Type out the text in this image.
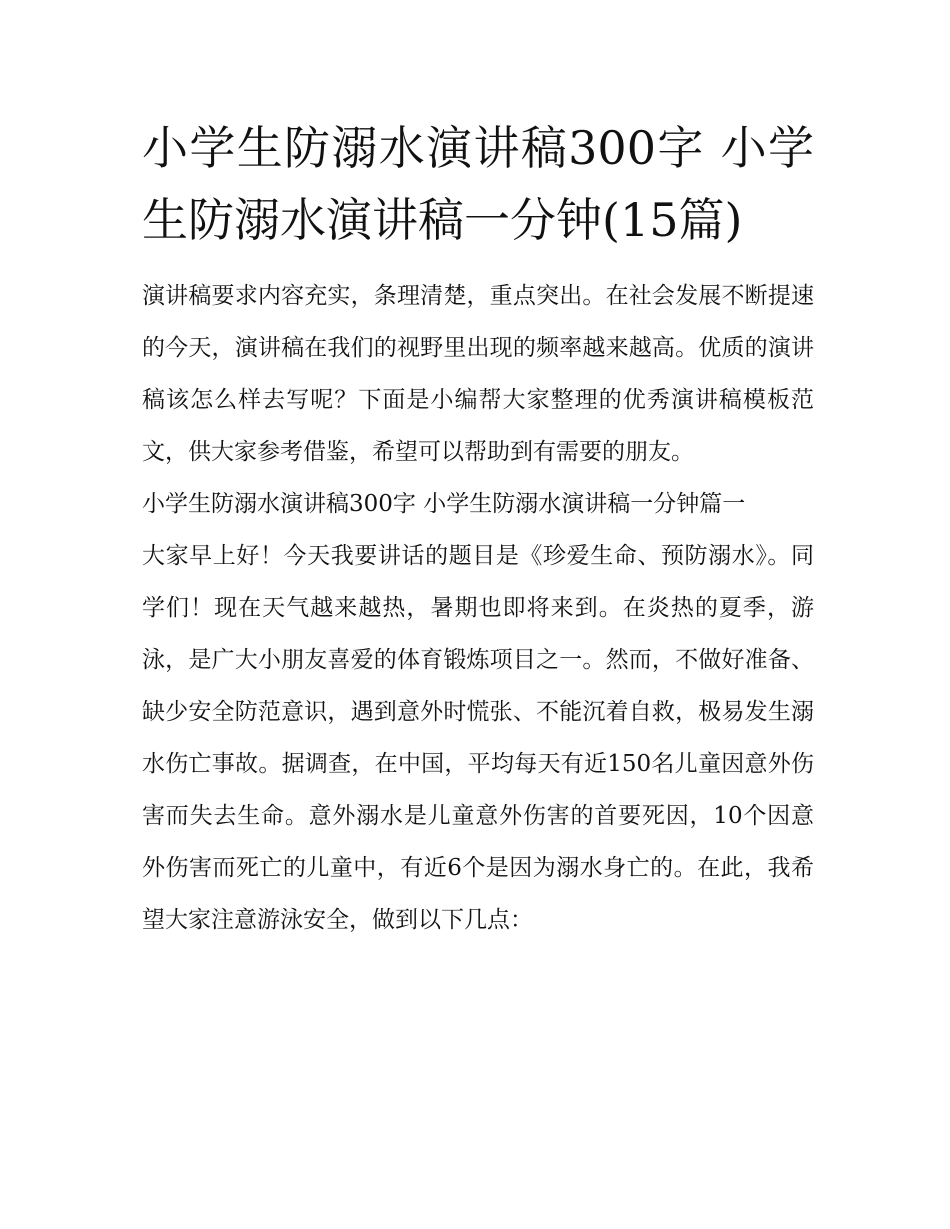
小学生防溺水演讲稿300字 小学生防溺水演讲稿一分钟(15篇)

演讲稿要求内容充实，条理清楚，重点突出。在社会发展不断提速的今天，演讲稿在我们的视野里出现的频率越来越高。优质的演讲稿该怎么样去写呢？下面是小编帮大家整理的优秀演讲稿模板范文，供大家参考借鉴，希望可以帮助到有需要的朋友。

小学生防溺水演讲稿300字 小学生防溺水演讲稿一分钟篇一

大家早上好！今天我要讲话的题目是《珍爱生命、预防溺水》。同学们！现在天气越来越热，暑期也即将来到。在炎热的夏季，游泳，是广大小朋友喜爱的体育锻炼项目之一。然而，不做好准备、缺少安全防范意识，遇到意外时慌张、不能沉着自救，极易发生溺水伤亡事故。据调查，在中国，平均每天有近150名儿童因意外伤害而失去生命。意外溺水是儿童意外伤害的首要死因，10个因意外伤害而死亡的儿童中，有近6个是因为溺水身亡的。在此，我希望大家注意游泳安全，做到以下几点：
